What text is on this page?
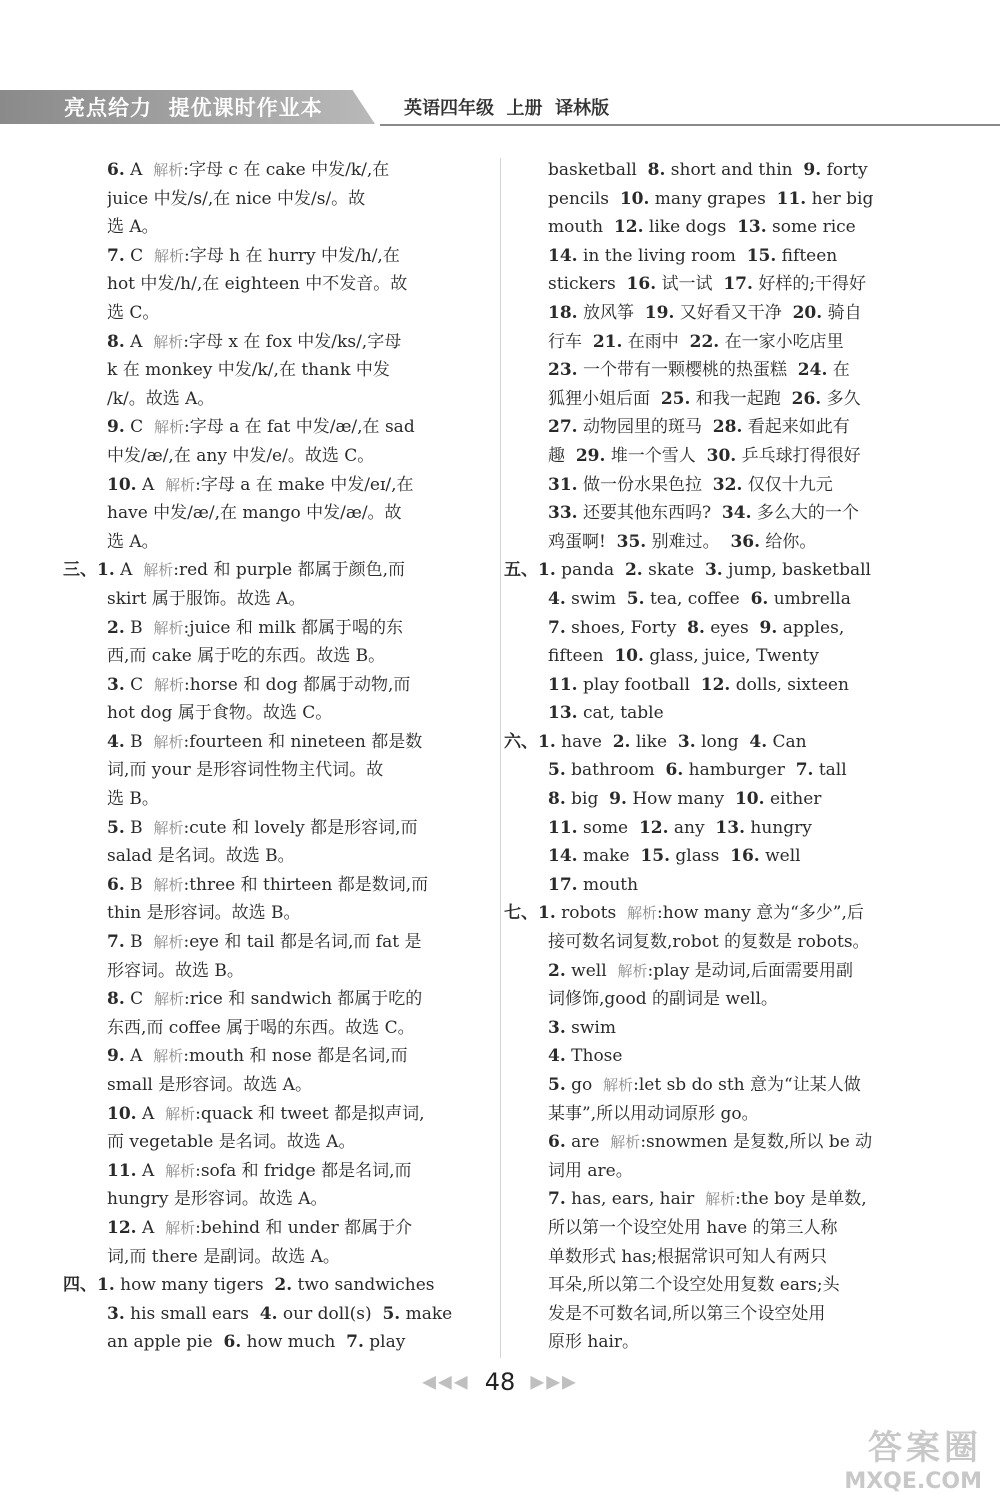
亮点给力  提优课时作业本	英语四年级  上册  译林版
6. A  解析:字母 c 在 cake 中发/k/,在
juice 中发/s/,在 nice 中发/s/。故
选 A。
7. C  解析:字母 h 在 hurry 中发/h/,在
hot 中发/h/,在 eighteen 中不发音。故
选 C。
8. A  解析:字母 x 在 fox 中发/ks/,字母
k 在 monkey 中发/k/,在 thank 中发
/k/。故选 A。
9. C  解析:字母 a 在 fat 中发/æ/,在 sad
中发/æ/,在 any 中发/e/。故选 C。
10. A  解析:字母 a 在 make 中发/eɪ/,在
have 中发/æ/,在 mango 中发/æ/。故
选 A。
三、1. A  解析:red 和 purple 都属于颜色,而
skirt 属于服饰。故选 A。
2. B  解析:juice 和 milk 都属于喝的东
西,而 cake 属于吃的东西。故选 B。
3. C  解析:horse 和 dog 都属于动物,而
hot dog 属于食物。故选 C。
4. B  解析:fourteen 和 nineteen 都是数
词,而 your 是形容词性物主代词。故
选 B。
5. B  解析:cute 和 lovely 都是形容词,而
salad 是名词。故选 B。
6. B  解析:three 和 thirteen 都是数词,而
thin 是形容词。故选 B。
7. B  解析:eye 和 tail 都是名词,而 fat 是
形容词。故选 B。
8. C  解析:rice 和 sandwich 都属于吃的
东西,而 coffee 属于喝的东西。故选 C。
9. A  解析:mouth 和 nose 都是名词,而
small 是形容词。故选 A。
10. A  解析:quack 和 tweet 都是拟声词,
而 vegetable 是名词。故选 A。
11. A  解析:sofa 和 fridge 都是名词,而
hungry 是形容词。故选 A。
12. A  解析:behind 和 under 都属于介
词,而 there 是副词。故选 A。
四、1. how many tigers  2. two sandwiches
3. his small ears  4. our doll(s)  5. make
an apple pie  6. how much  7. play
basketball  8. short and thin  9. forty
pencils  10. many grapes  11. her big
mouth  12. like dogs  13. some rice
14. in the living room  15. fifteen
stickers  16. 试一试  17. 好样的;干得好
18. 放风筝  19. 又好看又干净  20. 骑自
行车  21. 在雨中  22. 在一家小吃店里
23. 一个带有一颗樱桃的热蛋糕  24. 在
狐狸小姐后面  25. 和我一起跑  26. 多久
27. 动物园里的斑马  28. 看起来如此有
趣  29. 堆一个雪人  30. 乒乓球打得很好
31. 做一份水果色拉  32. 仅仅十九元
33. 还要其他东西吗?  34. 多么大的一个
鸡蛋啊!  35. 别难过。  36. 给你。
五、1. panda  2. skate  3. jump, basketball
4. swim  5. tea, coffee  6. umbrella
7. shoes, Forty  8. eyes  9. apples,
fifteen  10. glass, juice, Twenty
11. play football  12. dolls, sixteen
13. cat, table
六、1. have  2. like  3. long  4. Can
5. bathroom  6. hamburger  7. tall
8. big  9. How many  10. either
11. some  12. any  13. hungry
14. make  15. glass  16. well
17. mouth
七、1. robots  解析:how many 意为“多少”,后
接可数名词复数,robot 的复数是 robots。
2. well  解析:play 是动词,后面需要用副
词修饰,good 的副词是 well。
3. swim
4. Those
5. go  解析:let sb do sth 意为“让某人做
某事”,所以用动词原形 go。
6. are  解析:snowmen 是复数,所以 be 动
词用 are。
7. has, ears, hair  解析:the boy 是单数,
所以第一个设空处用 have 的第三人称
单数形式 has;根据常识可知人有两只
耳朵,所以第二个设空处用复数 ears;头
发是不可数名词,所以第三个设空处用
原形 hair。
◀◀◀ 48 ▶▶▶
答案圈
MXQE.COM
